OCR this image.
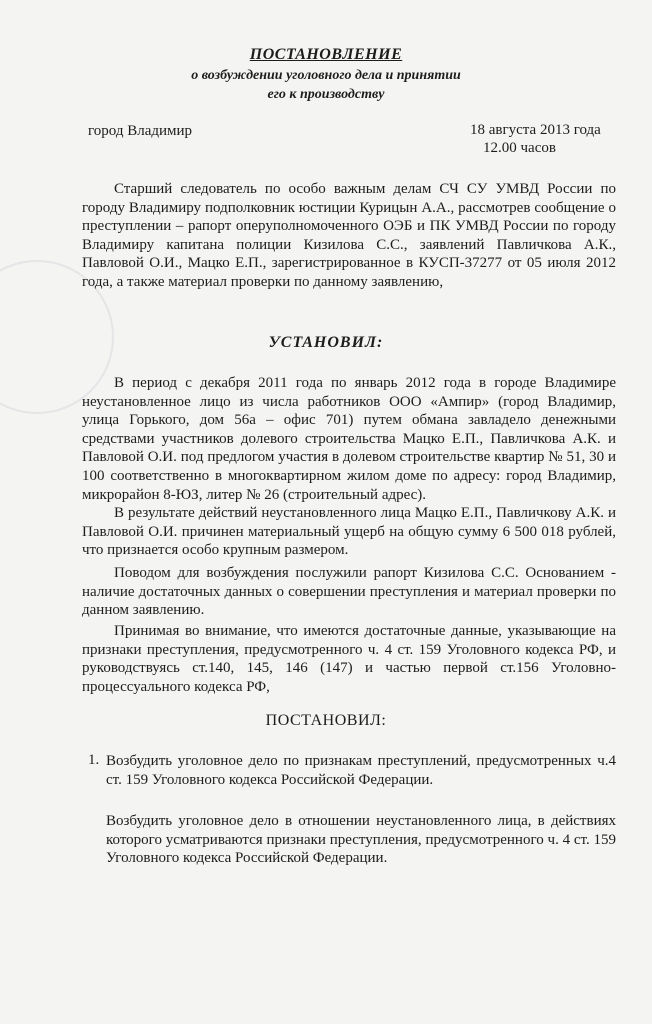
ПОСТАНОВЛЕНИЕ
о возбуждении уголовного дела и принятии
его к производству
город Владимир	18 августа 2013 года
12.00 часов

Старший следователь по особо важным делам СЧ СУ УМВД России по городу Владимиру подполковник юстиции Курицын А.А., рассмотрев сообщение о преступлении – рапорт оперуполномоченного ОЭБ и ПК УМВД России по городу Владимиру капитана полиции Кизилова С.С., заявлений Павличкова А.К., Павловой О.И., Мацко Е.П., зарегистрированное в КУСП-37277 от 05 июля 2012 года, а также материал проверки по данному заявлению,

УСТАНОВИЛ:

В период с декабря 2011 года по январь 2012 года в городе Владимире неустановленное лицо из числа работников ООО «Ампир» (город Владимир, улица Горького, дом 56а – офис 701) путем обмана завладело денежными средствами участников долевого строительства Мацко Е.П., Павличкова А.К. и Павловой О.И. под предлогом участия в долевом строительстве квартир № 51, 30 и 100 соответственно в многоквартирном жилом доме по адресу: город Владимир, микрорайон 8-ЮЗ, литер № 26 (строительный адрес).

В результате действий неустановленного лица Мацко Е.П., Павличкову А.К. и Павловой О.И. причинен материальный ущерб на общую сумму 6 500 018 рублей, что признается особо крупным размером.

Поводом для возбуждения послужили рапорт Кизилова С.С. Основанием - наличие достаточных данных о совершении преступления и материал проверки по данном заявлению.

Принимая во внимание, что имеются достаточные данные, указывающие на признаки преступления, предусмотренного ч. 4 ст. 159 Уголовного кодекса РФ, и руководствуясь ст.140, 145, 146 (147) и частью первой ст.156 Уголовно-процессуального кодекса РФ,

ПОСТАНОВИЛ:
1. Возбудить уголовное дело по признакам преступлений, предусмотренных ч.4 ст. 159 Уголовного кодекса Российской Федерации.

Возбудить уголовное дело в отношении неустановленного лица, в действиях которого усматриваются признаки преступления, предусмотренного ч. 4 ст. 159 Уголовного кодекса Российской Федерации.
